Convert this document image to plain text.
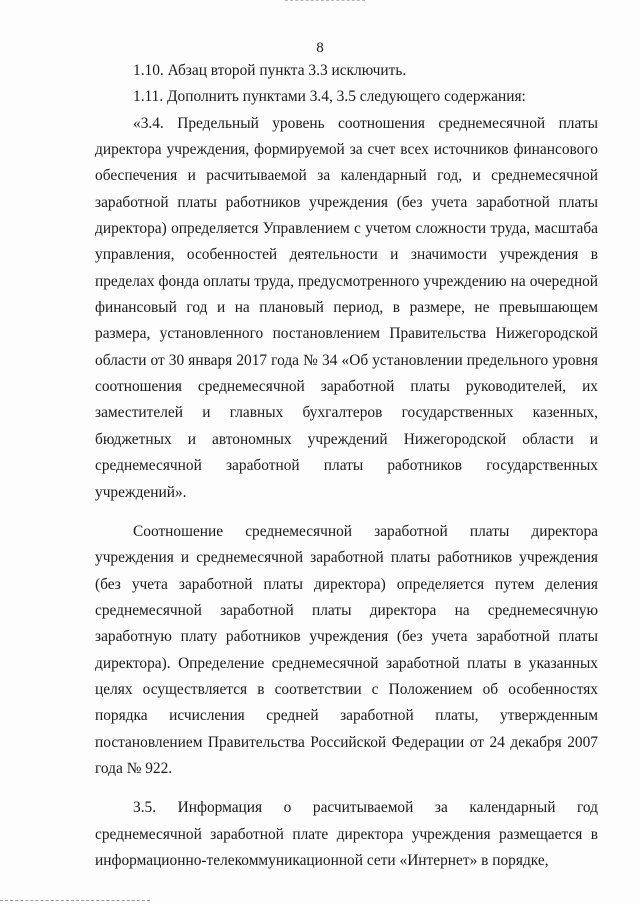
8

1.10. Абзац второй пункта 3.3 исключить.

1.11. Дополнить пунктами 3.4, 3.5 следующего содержания:

«3.4. Предельный уровень соотношения среднемесячной платы директора учреждения, формируемой за счет всех источников финансового обеспечения и расчитываемой за календарный год, и среднемесячной заработной платы работников учреждения (без учета заработной платы директора) определяется Управлением с учетом сложности труда, масштаба управления, особенностей деятельности и значимости учреждения в пределах фонда оплаты труда, предусмотренного учреждению на очередной финансовый год и на плановый период, в размере, не превышающем размера, установленного постановлением Правительства Нижегородской области от 30 января 2017 года № 34 «Об установлении предельного уровня соотношения среднемесячной заработной платы руководителей, их заместителей и главных бухгалтеров государственных казенных, бюджетных и автономных учреждений Нижегородской области и среднемесячной заработной платы работников государственных учреждений».

Соотношение среднемесячной заработной платы директора учреждения и среднемесячной заработной платы работников учреждения (без учета заработной платы директора) определяется путем деления среднемесячной заработной платы директора на среднемесячную заработную плату работников учреждения (без учета заработной платы директора). Определение среднемесячной заработной платы в указанных целях осуществляется в соответствии с Положением об особенностях порядка исчисления средней заработной платы, утвержденным постановлением Правительства Российской Федерации от 24 декабря 2007 года № 922.

3.5. Информация о расчитываемой за календарный год среднемесячной заработной плате директора учреждения размещается в информационно-телекоммуникационной сети «Интернет» в порядке,
